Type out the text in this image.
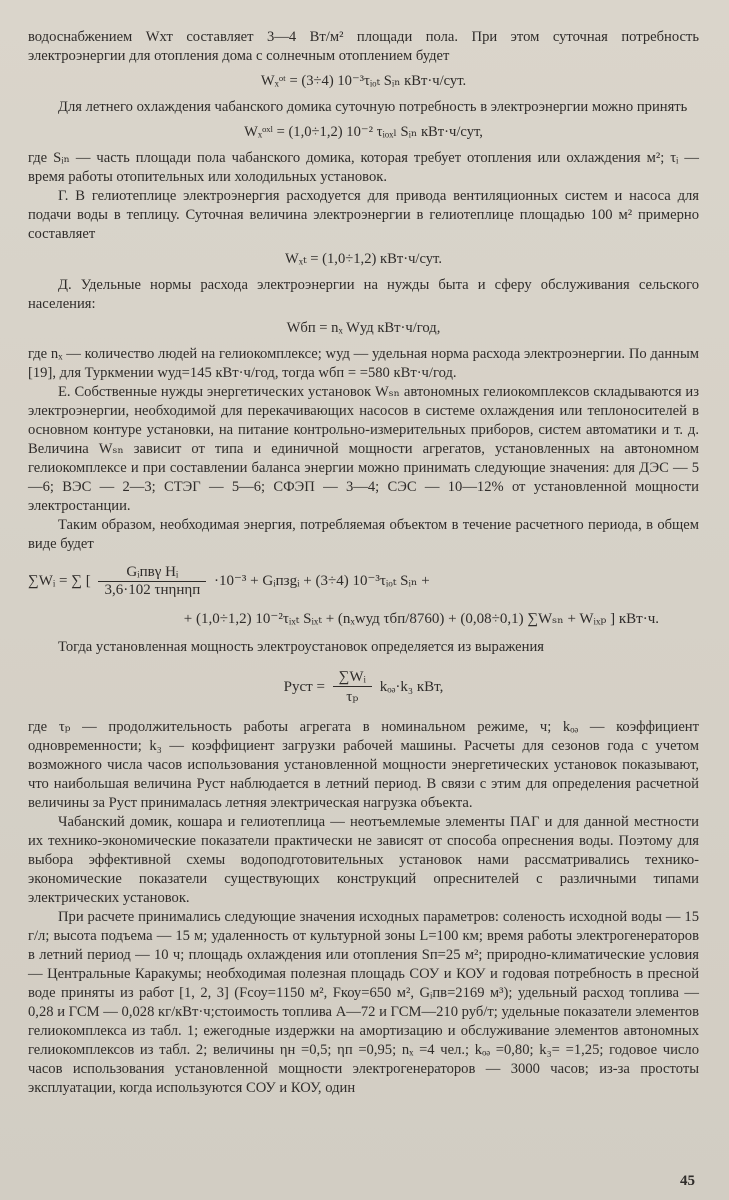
водоснабжением Wхт составляет 3—4 Вт/м² площади пола. При этом суточная потребность электроэнергии для отопления дома с солнечным отоплением будет

Wₓᵒᵗ = (3÷4) 10⁻³τᵢₒₜ Sᵢₙ кВт·ч/сут.

Для летнего охлаждения чабанского домика суточную потребность в электроэнергии можно принять

Wₓᵒˣˡ = (1,0÷1,2) 10⁻² τᵢₒₓₗ Sᵢₙ кВт·ч/сут,

где Sᵢₙ — часть площади пола чабанского домика, которая требует отопления или охлаждения м²; τᵢ — время работы отопительных или холодильных установок.

Г. В гелиотеплице электроэнергия расходуется для привода вентиляционных систем и насоса для подачи воды в теплицу. Суточная величина электроэнергии в гелиотеплице площадью 100 м² примерно составляет

Wₓₜ = (1,0÷1,2) кВт·ч/сут.

Д. Удельные нормы расхода электроэнергии на нужды быта и сферу обслуживания сельского населения:

Wбп = nₓ Wуд кВт·ч/год,

где nₓ — количество людей на гелиокомплексе; wуд — удельная норма расхода электроэнергии. По данным [19], для Туркмении wуд=145 кВт·ч/год, тогда wбп = =580 кВт·ч/год.

Е. Собственные нужды энергетических установок Wₛₙ автономных гелиокомплексов складываются из электроэнергии, необходимой для перекачивающих насосов в системе охлаждения или теплоносителей в основном контуре установки, на питание контрольно-измерительных приборов, систем автоматики и т. д. Величина Wₛₙ зависит от типа и единичной мощности агрегатов, установленных на автономном гелиокомплексе и при составлении баланса энергии можно принимать следующие значения: для ДЭС — 5—6; ВЭС — 2—3; СТЭГ — 5—6; СФЭП — 3—4; СЭС — 10—12% от установленной мощности электростанции.

Таким образом, необходимая энергия, потребляемая объектом в течение расчетного периода, в общем виде будет

∑Wᵢ = ∑ [ $\frac{\text{Gᵢпвγ Hᵢ}}{\text{3,6·102 τнηнηп}} \cdot 10^{-3}$ + Gᵢпзgᵢ + (3÷4) 10⁻³τᵢₒₜ Sᵢₙ +
+ (1,0÷1,2) 10⁻²τᵢₓₜ Sᵢₓₜ + (nₓwуд τбп/8760) + (0,08÷0,1) ∑Wₛₙ + Wᵢₓₚ ] кВт·ч.

Тогда установленная мощность электроустановок определяется из выражения

Pуст = $\frac{\text{∑Wᵢ}}{\text{τₚ}}$ kₒₔ·k₃ кВт,

где τₚ — продолжительность работы агрегата в номинальном режиме, ч; kₒₔ — коэффициент одновременности; k₃ — коэффициент загрузки рабочей машины. Расчеты для сезонов года с учетом возможного числа часов использования установленной мощности энергетических установок показывают, что наибольшая величина Pуст наблюдается в летний период. В связи с этим для определения расчетной величины за Pуст принималась летняя электрическая нагрузка объекта.

Чабанский домик, кошара и гелиотеплица — неотъемлемые элементы ПАГ и для данной местности их технико-экономические показатели практически не зависят от способа опреснения воды. Поэтому для выбора эффективной схемы водоподготовительных установок нами рассматривались технико-экономические показатели существующих конструкций опреснителей с различными типами электрических установок.

При расчете принимались следующие значения исходных параметров: соленость исходной воды — 15 г/л; высота подъема — 15 м; удаленность от культурной зоны L=100 км; время работы электрогенераторов в летний период — 10 ч; площадь охлаждения или отопления Sп=25 м²; природно-климатические условия — Центральные Каракумы; необходимая полезная площадь СОУ и КОУ и годовая потребность в пресной воде приняты из работ [1, 2, 3] (Fсоу=1150 м², Fкоу=650 м², Gᵢпв=2169 м³); удельный расход топлива — 0,28 и ГСМ — 0,028 кг/кВт·ч;стоимость топлива А—72 и ГСМ—210 руб/т; удельные показатели элементов гелиокомплекса из табл. 1; ежегодные издержки на амортизацию и обслуживание элементов автономных гелиокомплексов из табл. 2; величины ηн =0,5; ηп =0,95; nₓ =4 чел.; kₒₔ =0,80; k₃= =1,25; годовое число часов использования установленной мощности электрогенераторов — 3000 часов; из-за простоты эксплуатации, когда используются СОУ и КОУ, один

45
